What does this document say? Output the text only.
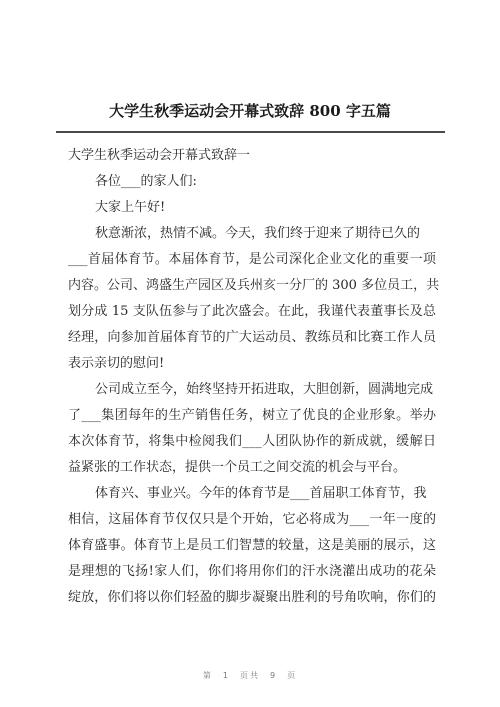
大学生秋季运动会开幕式致辞 800 字五篇
大学生秋季运动会开幕式致辞一
各位___的家人们:
大家上午好!
秋意渐浓，热情不减。今天，我们终于迎来了期待已久的
___首届体育节。本届体育节，是公司深化企业文化的重要一项
内容。公司、鸿盛生产园区及兵州亥一分厂的 300 多位员工，共
划分成 15 支队伍参与了此次盛会。在此，我谨代表董事长及总
经理，向参加首届体育节的广大运动员、教练员和比赛工作人员
表示亲切的慰问!
公司成立至今，始终坚持开拓进取，大胆创新，圆满地完成
了___集团每年的生产销售任务，树立了优良的企业形象。举办
本次体育节，将集中检阅我们___人团队协作的新成就，缓解日
益紧张的工作状态，提供一个员工之间交流的机会与平台。
体育兴、事业兴。今年的体育节是___首届职工体育节，我
相信，这届体育节仅仅只是个开始，它必将成为___一年一度的
体育盛事。体育节上是员工们智慧的较量，这是美丽的展示，这
是理想的飞扬!家人们，你们将用你们的汗水浇灌出成功的花朵
绽放，你们将以你们轻盈的脚步凝聚出胜利的号角吹响，你们的
第 1 页共 9 页
